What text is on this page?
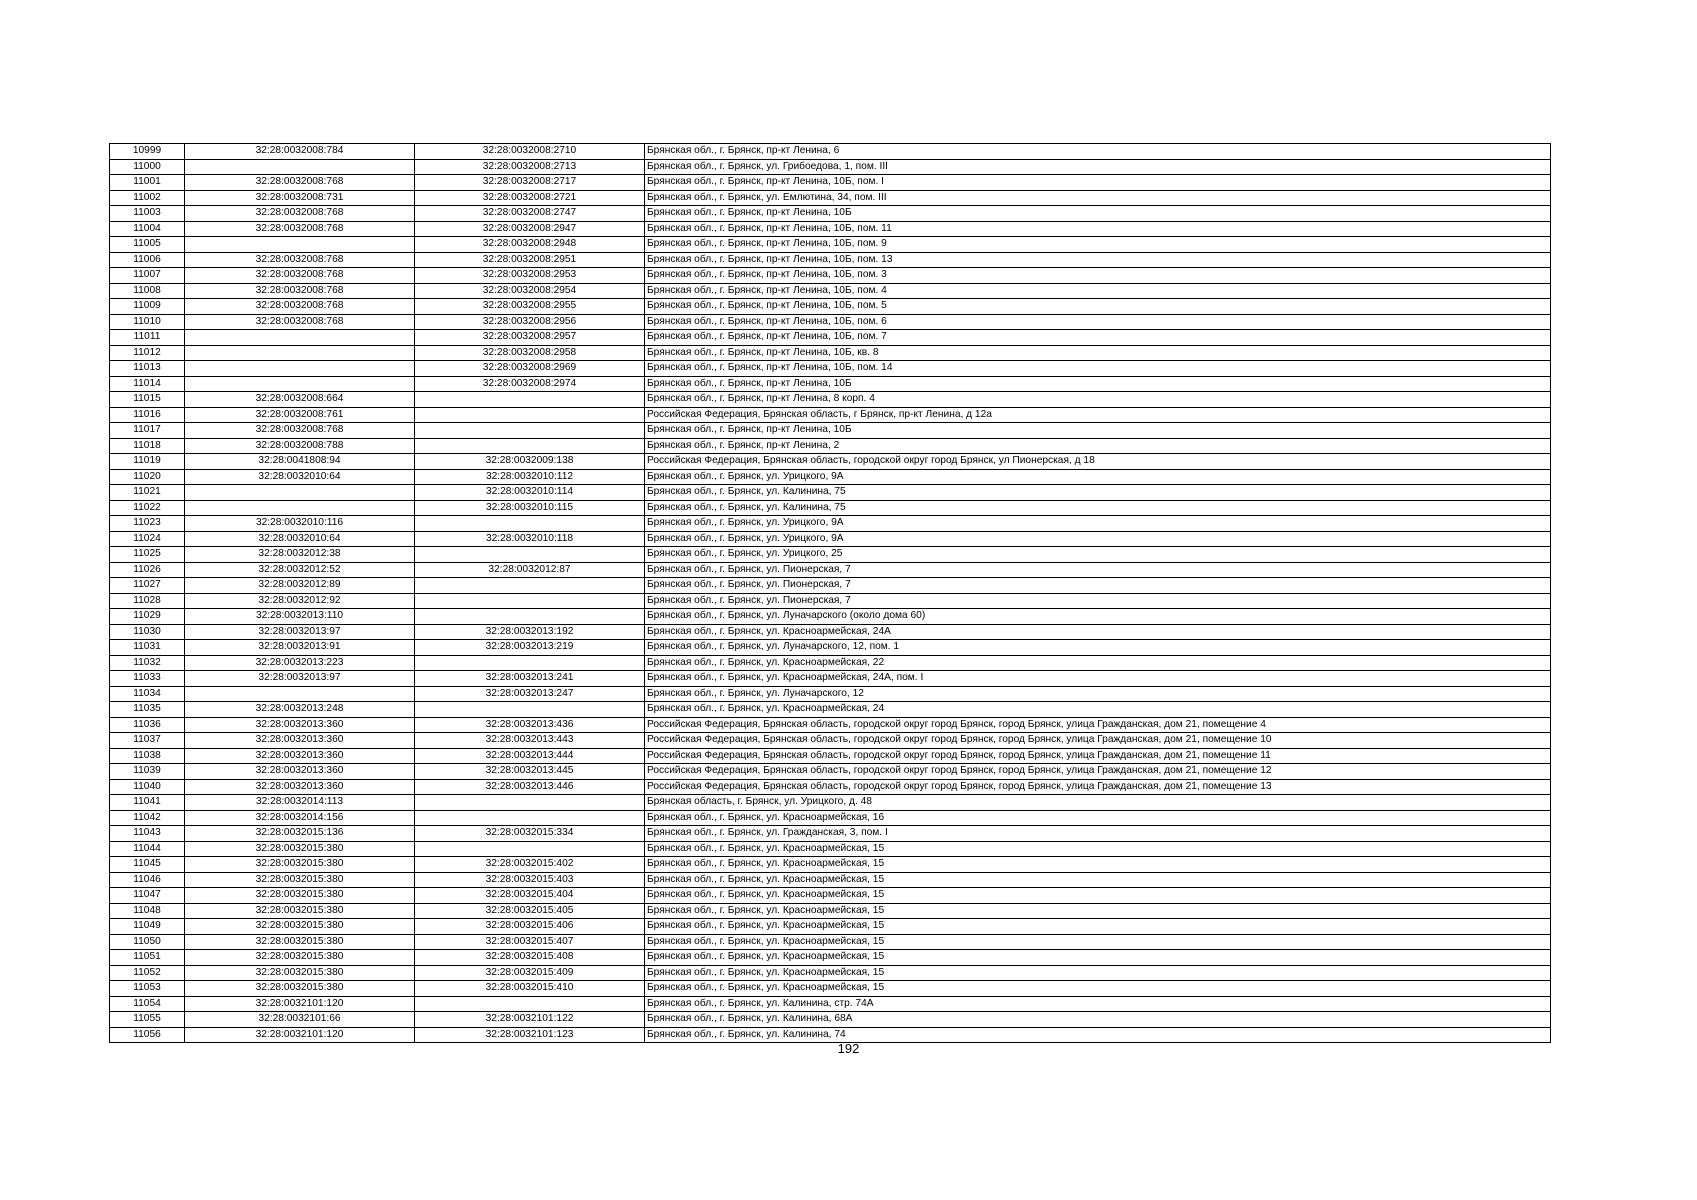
10999	32:28:0032008:784	32:28:0032008:2710	Брянская обл., г. Брянск, пр-кт Ленина, 6
11000		32:28:0032008:2713	Брянская обл., г. Брянск, ул. Грибоедова, 1, пом. III
11001	32:28:0032008:768	32:28:0032008:2717	Брянская обл., г. Брянск, пр-кт Ленина, 10Б, пом. I
11002	32:28:0032008:731	32:28:0032008:2721	Брянская обл., г. Брянск, ул. Емлютина, 34, пом. III
11003	32:28:0032008:768	32:28:0032008:2747	Брянская обл., г. Брянск, пр-кт Ленина, 10Б
11004	32:28:0032008:768	32:28:0032008:2947	Брянская обл., г. Брянск, пр-кт Ленина, 10Б, пом. 11
11005		32:28:0032008:2948	Брянская обл., г. Брянск, пр-кт Ленина, 10Б, пом. 9
11006	32:28:0032008:768	32:28:0032008:2951	Брянская обл., г. Брянск, пр-кт Ленина, 10Б, пом. 13
11007	32:28:0032008:768	32:28:0032008:2953	Брянская обл., г. Брянск, пр-кт Ленина, 10Б, пом. 3
11008	32:28:0032008:768	32:28:0032008:2954	Брянская обл., г. Брянск, пр-кт Ленина, 10Б, пом. 4
11009	32:28:0032008:768	32:28:0032008:2955	Брянская обл., г. Брянск, пр-кт Ленина, 10Б, пом. 5
11010	32:28:0032008:768	32:28:0032008:2956	Брянская обл., г. Брянск, пр-кт Ленина, 10Б, пом. 6
11011		32:28:0032008:2957	Брянская обл., г. Брянск, пр-кт Ленина, 10Б, пом. 7
11012		32:28:0032008:2958	Брянская обл., г. Брянск, пр-кт Ленина, 10Б, кв. 8
11013		32:28:0032008:2969	Брянская обл., г. Брянск, пр-кт Ленина, 10Б, пом. 14
11014		32:28:0032008:2974	Брянская обл., г. Брянск, пр-кт Ленина, 10Б
11015	32:28:0032008:664		Брянская обл., г. Брянск, пр-кт Ленина, 8 корп. 4
11016	32:28:0032008:761		Российская Федерация, Брянская область, г Брянск, пр-кт Ленина, д 12а
11017	32:28:0032008:768		Брянская обл., г. Брянск, пр-кт Ленина, 10Б
11018	32:28:0032008:788		Брянская обл., г. Брянск, пр-кт Ленина, 2
11019	32:28:0041808:94	32:28:0032009:138	Российская Федерация, Брянская область, городской округ город Брянск, ул Пионерская, д 18
11020	32:28:0032010:64	32:28:0032010:112	Брянская обл., г. Брянск, ул. Урицкого, 9А
11021		32:28:0032010:114	Брянская обл., г. Брянск, ул. Калинина, 75
11022		32:28:0032010:115	Брянская обл., г. Брянск, ул. Калинина, 75
11023	32:28:0032010:116		Брянская обл., г. Брянск, ул. Урицкого, 9А
11024	32:28:0032010:64	32:28:0032010:118	Брянская обл., г. Брянск, ул. Урицкого, 9А
11025	32:28:0032012:38		Брянская обл., г. Брянск, ул. Урицкого, 25
11026	32:28:0032012:52	32:28:0032012:87	Брянская обл., г. Брянск, ул. Пионерская, 7
11027	32:28:0032012:89		Брянская обл., г. Брянск, ул. Пионерская, 7
11028	32:28:0032012:92		Брянская обл., г. Брянск, ул. Пионерская, 7
11029	32:28:0032013:110		Брянская обл., г. Брянск, ул. Луначарского (около дома 60)
11030	32:28:0032013:97	32:28:0032013:192	Брянская обл., г. Брянск, ул. Красноармейская, 24А
11031	32:28:0032013:91	32:28:0032013:219	Брянская обл., г. Брянск, ул. Луначарского, 12, пом. 1
11032	32:28:0032013:223		Брянская обл., г. Брянск, ул. Красноармейская, 22
11033	32:28:0032013:97	32:28:0032013:241	Брянская обл., г. Брянск, ул. Красноармейская, 24А, пом. I
11034		32:28:0032013:247	Брянская обл., г. Брянск, ул. Луначарского, 12
11035	32:28:0032013:248		Брянская обл., г. Брянск, ул. Красноармейская, 24
11036	32:28:0032013:360	32:28:0032013:436	Российская Федерация, Брянская область, городской округ город Брянск, город Брянск, улица Гражданская, дом 21, помещение 4
11037	32:28:0032013:360	32:28:0032013:443	Российская Федерация, Брянская область, городской округ город Брянск, город Брянск, улица Гражданская, дом 21, помещение 10
11038	32:28:0032013:360	32:28:0032013:444	Российская Федерация, Брянская область, городской округ город Брянск, город Брянск, улица Гражданская, дом 21, помещение 11
11039	32:28:0032013:360	32:28:0032013:445	Российская Федерация, Брянская область, городской округ город Брянск, город Брянск, улица Гражданская, дом 21, помещение 12
11040	32:28:0032013:360	32:28:0032013:446	Российская Федерация, Брянская область, городской округ город Брянск, город Брянск, улица Гражданская, дом 21, помещение 13
11041	32:28:0032014:113		Брянская область, г. Брянск, ул. Урицкого, д. 48
11042	32:28:0032014:156		Брянская обл., г. Брянск, ул. Красноармейская, 16
11043	32:28:0032015:136	32:28:0032015:334	Брянская обл., г. Брянск, ул. Гражданская, 3, пом. I
11044	32:28:0032015:380		Брянская обл., г. Брянск, ул. Красноармейская, 15
11045	32:28:0032015:380	32:28:0032015:402	Брянская обл., г. Брянск, ул. Красноармейская, 15
11046	32:28:0032015:380	32:28:0032015:403	Брянская обл., г. Брянск, ул. Красноармейская, 15
11047	32:28:0032015:380	32:28:0032015:404	Брянская обл., г. Брянск, ул. Красноармейская, 15
11048	32:28:0032015:380	32:28:0032015:405	Брянская обл., г. Брянск, ул. Красноармейская, 15
11049	32:28:0032015:380	32:28:0032015:406	Брянская обл., г. Брянск, ул. Красноармейская, 15
11050	32:28:0032015:380	32:28:0032015:407	Брянская обл., г. Брянск, ул. Красноармейская, 15
11051	32:28:0032015:380	32:28:0032015:408	Брянская обл., г. Брянск, ул. Красноармейская, 15
11052	32:28:0032015:380	32:28:0032015:409	Брянская обл., г. Брянск, ул. Красноармейская, 15
11053	32:28:0032015:380	32:28:0032015:410	Брянская обл., г. Брянск, ул. Красноармейская, 15
11054	32:28:0032101:120		Брянская обл., г. Брянск, ул. Калинина, стр. 74А
11055	32:28:0032101:66	32:28:0032101:122	Брянская обл., г. Брянск, ул. Калинина, 68А
11056	32:28:0032101:120	32:28:0032101:123	Брянская обл., г. Брянск, ул. Калинина, 74
192
